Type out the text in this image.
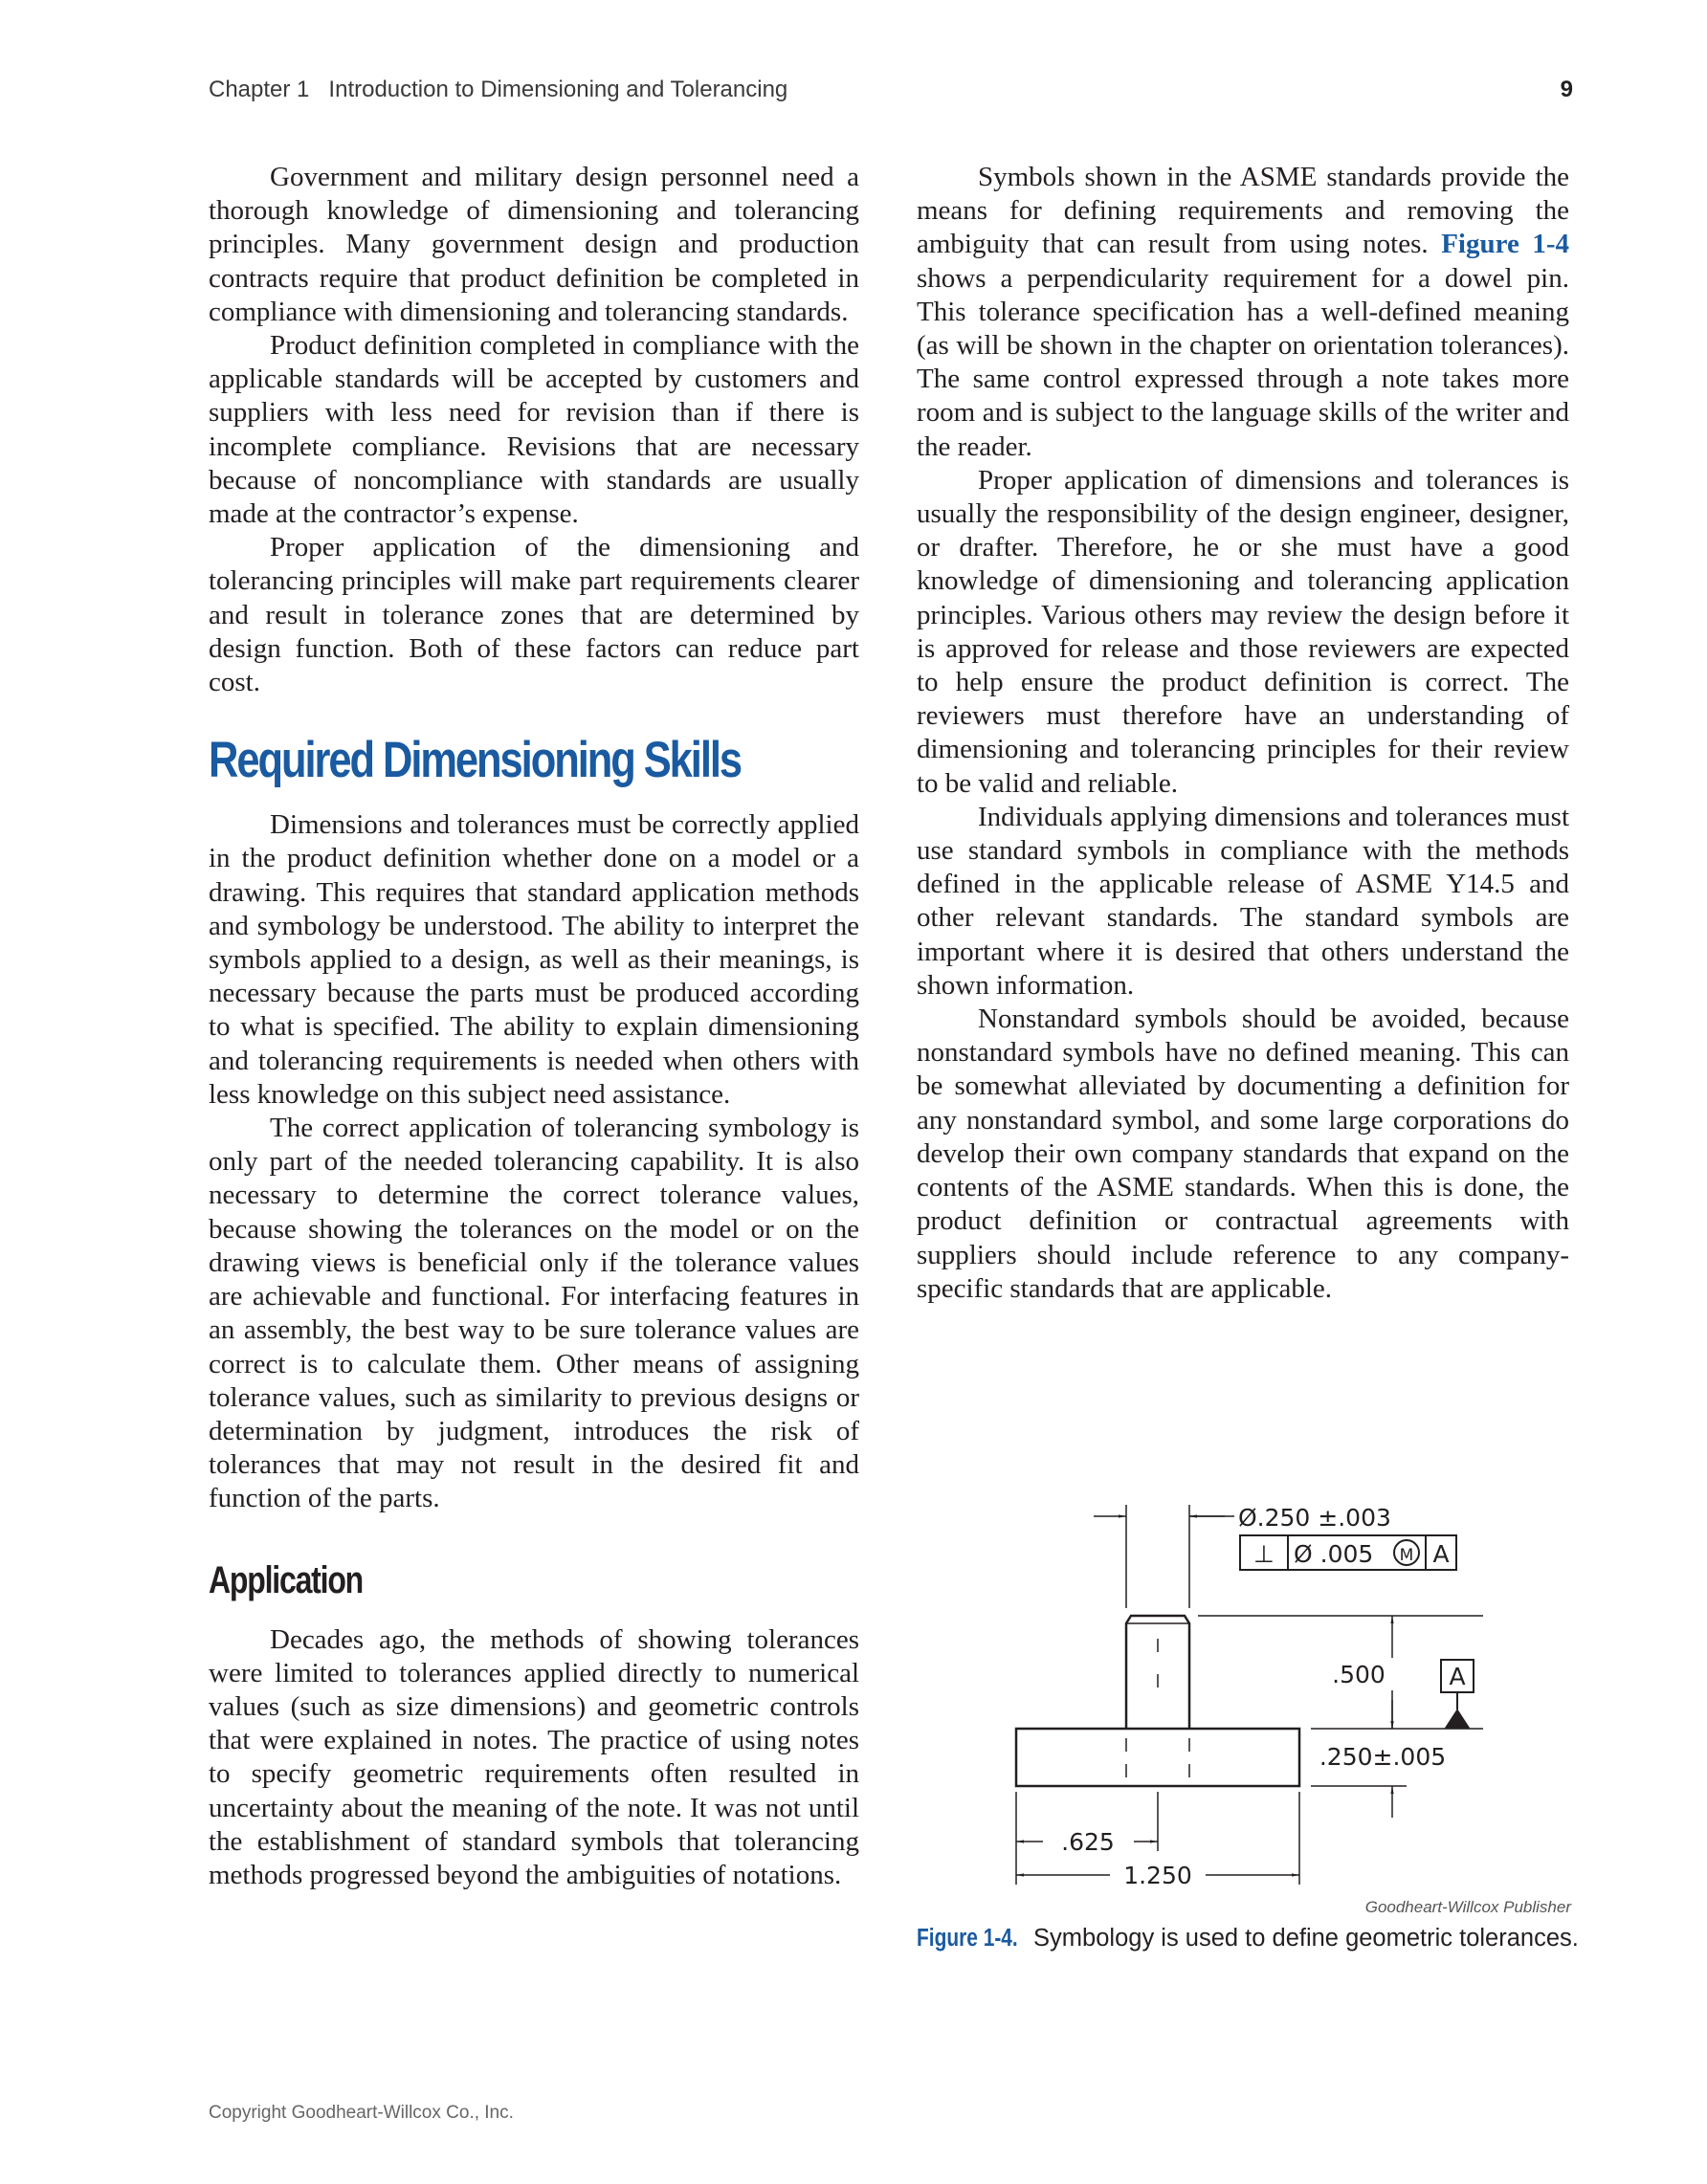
Chapter 1 Introduction to Dimensioning and Tolerancing	9

Government and military design personnel need a thorough knowledge of dimensioning and tolerancing principles. Many government design and production contracts require that product definition be completed in compliance with dimensioning and tolerancing standards.

Product definition completed in compliance with the applicable standards will be accepted by customers and suppliers with less need for revision than if there is incomplete compliance. Revisions that are necessary because of noncompliance with standards are usually made at the contractor’s expense.

Proper application of the dimensioning and tolerancing principles will make part requirements clearer and result in tolerance zones that are determined by design function. Both of these factors can reduce part cost.

Required Dimensioning Skills

Dimensions and tolerances must be correctly applied in the product definition whether done on a model or a drawing. This requires that standard application methods and symbology be understood. The ability to interpret the symbols applied to a design, as well as their meanings, is necessary because the parts must be produced according to what is specified. The ability to explain dimensioning and tolerancing requirements is needed when others with less knowledge on this subject need assistance.

The correct application of tolerancing symbology is only part of the needed tolerancing capability. It is also necessary to determine the correct tolerance values, because showing the tolerances on the model or on the drawing views is beneficial only if the tolerance values are achievable and functional. For interfacing features in an assembly, the best way to be sure tolerance values are correct is to calculate them. Other means of assigning tolerance values, such as similarity to previous designs or determination by judgment, introduces the risk of tolerances that may not result in the desired fit and function of the parts.

Application

Decades ago, the methods of showing tolerances were limited to tolerances applied directly to numerical values (such as size dimensions) and geometric controls that were explained in notes. The practice of using notes to specify geometric requirements often resulted in uncertainty about the meaning of the note. It was not until the establishment of standard symbols that tolerancing methods progressed beyond the ambiguities of notations.

Symbols shown in the ASME standards provide the means for defining requirements and removing the ambiguity that can result from using notes. Figure 1-4 shows a perpendicularity requirement for a dowel pin. This tolerance specification has a well-defined meaning (as will be shown in the chapter on orientation tolerances). The same control expressed through a note takes more room and is subject to the language skills of the writer and the reader.

Proper application of dimensions and tolerances is usually the responsibility of the design engineer, designer, or drafter. Therefore, he or she must have a good knowledge of dimensioning and tolerancing application principles. Various others may review the design before it is approved for release and those reviewers are expected to help ensure the product definition is correct. The reviewers must therefore have an understanding of dimensioning and tolerancing principles for their review to be valid and reliable.

Individuals applying dimensions and tolerances must use standard symbols in compliance with the methods defined in the applicable release of ASME Y14.5 and other relevant standards. The standard symbols are important where it is desired that others understand the shown information.

Nonstandard symbols should be avoided, because nonstandard symbols have no defined meaning. This can be somewhat alleviated by documenting a definition for any nonstandard symbol, and some large corporations do develop their own company standards that expand on the contents of the ASME standards. When this is done, the product definition or contractual agreements with suppliers should include reference to any company-specific standards that are applicable.

Ø.250 ±.003
⊥ Ø .005 M A
A
.500
.250±.005
.625
1.250
Goodheart-Willcox Publisher
Figure 1-4. Symbology is used to define geometric tolerances.
Copyright Goodheart-Willcox Co., Inc.
